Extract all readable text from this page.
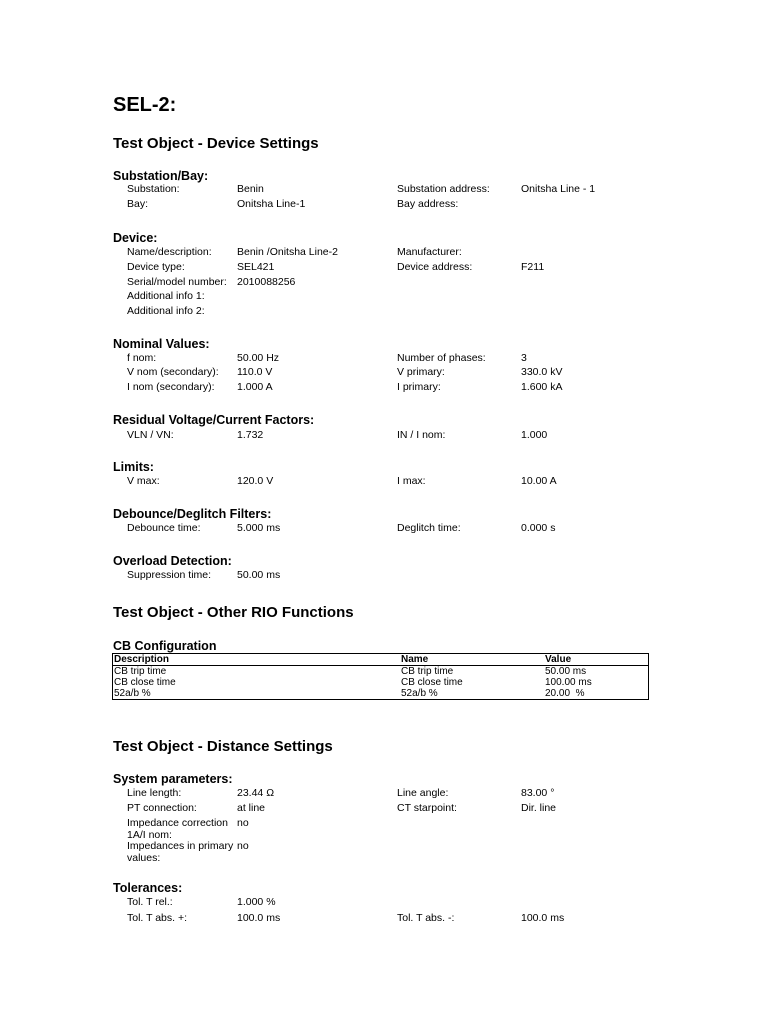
SEL-2:
Test Object - Device Settings
Substation/Bay:
Substation:	Benin	Substation address:	Onitsha Line - 1
Bay:	Onitsha Line-1	Bay address:
Device:
Name/description: Benin /Onitsha Line-2	Manufacturer:
Device type:	SEL421	Device address:	F211
Serial/model number: 2010088256
Additional info 1:
Additional info 2:
Nominal Values:
f nom:	50.00 Hz	Number of phases:	3
V nom (secondary): 110.0 V	V primary:	330.0 kV
I nom (secondary): 1.000 A	I primary:	1.600 kA
Residual Voltage/Current Factors:
VLN / VN:	1.732	IN / I nom:	1.000
Limits:
V max:	120.0 V	I max:	10.00 A
Debounce/Deglitch Filters:
Debounce time:	5.000 ms	Deglitch time:	0.000 s
Overload Detection:
Suppression time: 50.00 ms
Test Object - Other RIO Functions
CB Configuration
Description	Name	Value
CB trip time	CB trip time	50.00 ms
CB close time	CB close time	100.00 ms
52a/b %	52a/b %	20.00  %
Test Object - Distance Settings
System parameters:
Line length:	23.44 Ω	Line angle:	83.00 °
PT connection:	at line	CT starpoint:	Dir. line
Impedance correction 1A/I nom:
no
Impedances in primary values:
no
Tolerances:
Tol. T rel.:	1.000 %
Tol. T abs. +:	100.0 ms	Tol. T abs. -:	100.0 ms
